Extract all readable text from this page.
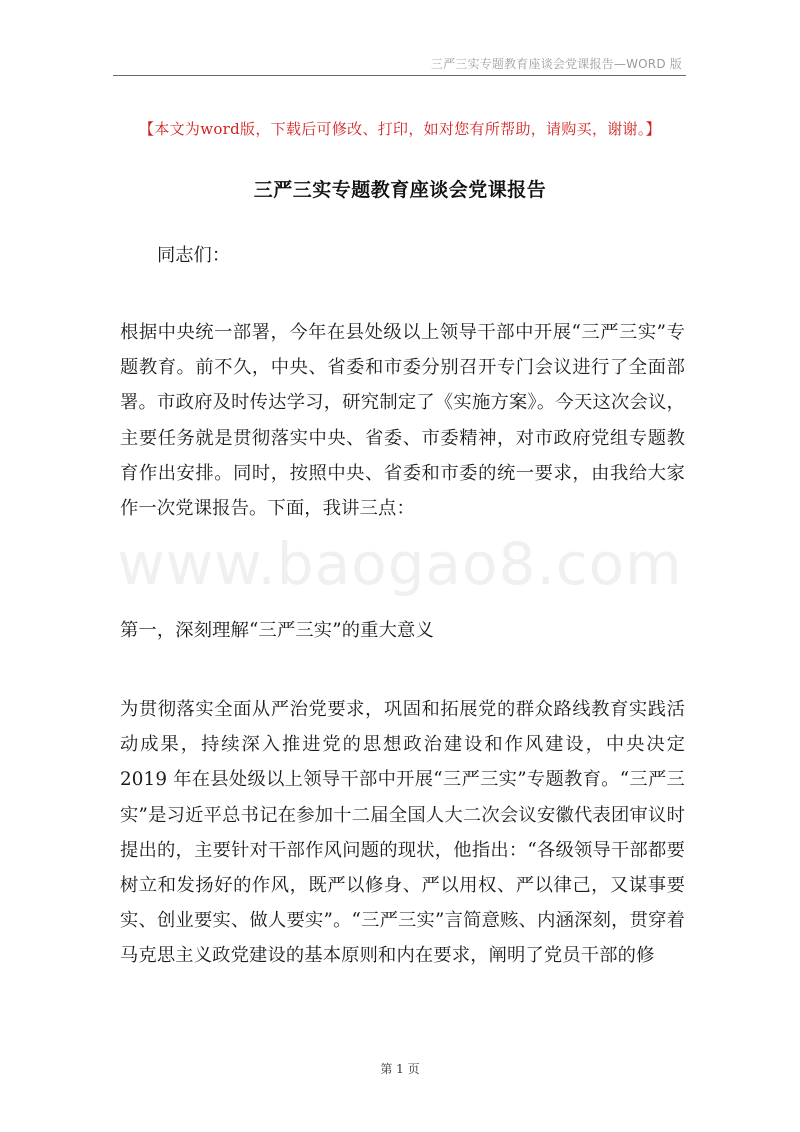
三严三实专题教育座谈会党课报告—WORD 版
【本文为word版，下载后可修改、打印，如对您有所帮助，请购买，谢谢。】
三严三实专题教育座谈会党课报告
同志们：
根据中央统一部署，今年在县处级以上领导干部中开展“三严三实”专题教育。前不久，中央、省委和市委分别召开专门会议进行了全面部署。市政府及时传达学习，研究制定了《实施方案》。今天这次会议，主要任务就是贯彻落实中央、省委、市委精神，对市政府党组专题教育作出安排。同时，按照中央、省委和市委的统一要求，由我给大家作一次党课报告。下面，我讲三点：
www.baogao8.com
第一，深刻理解“三严三实”的重大意义
为贯彻落实全面从严治党要求，巩固和拓展党的群众路线教育实践活动成果，持续深入推进党的思想政治建设和作风建设，中央决定 2019 年在县处级以上领导干部中开展“三严三实”专题教育。“三严三实”是习近平总书记在参加十二届全国人大二次会议安徽代表团审议时提出的，主要针对干部作风问题的现状，他指出：“各级领导干部都要树立和发扬好的作风，既严以修身、严以用权、严以律己，又谋事要实、创业要实、做人要实”。“三严三实”言简意赅、内涵深刻，贯穿着马克思主义政党建设的基本原则和内在要求，阐明了党员干部的修
第 1 页
